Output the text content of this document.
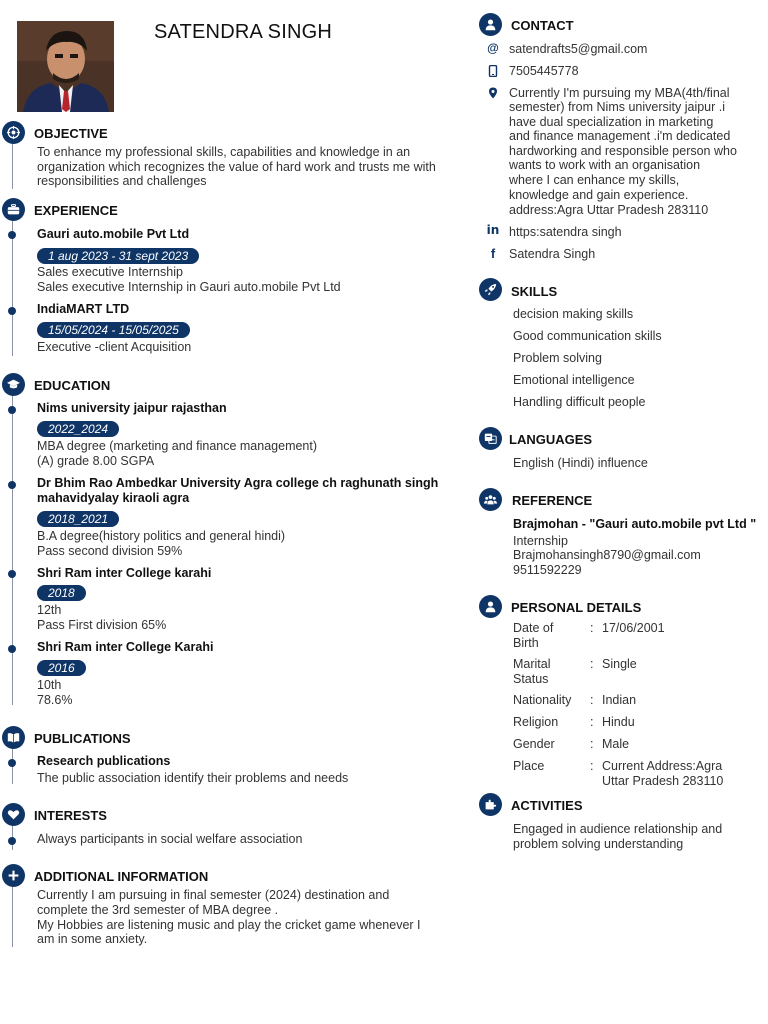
SATENDRA SINGH
OBJECTIVE
To enhance my professional skills, capabilities and knowledge in an organization which recognizes the value of hard work and trusts me with responsibilities and challenges
EXPERIENCE
Gauri auto.mobile Pvt Ltd
1 aug 2023 - 31 sept 2023
Sales executive Internship
Sales executive Internship in Gauri auto.mobile Pvt Ltd
IndiaMART LTD
15/05/2024 - 15/05/2025
Executive -client Acquisition
EDUCATION
Nims university jaipur rajasthan
2022_2024
MBA degree (marketing and finance management)
(A) grade 8.00 SGPA
Dr Bhim Rao Ambedkar University Agra college ch raghunath singh
mahavidyalay kiraoli agra
2018_2021
B.A degree(history politics and general hindi)
Pass second division 59%
Shri Ram inter College karahi
2018
12th
Pass First division 65%
Shri Ram inter College Karahi
2016
10th
78.6%
PUBLICATIONS
Research publications
The public association identify their problems and needs
INTERESTS
Always participants in social welfare association
ADDITIONAL INFORMATION
Currently I am pursuing in final semester (2024) destination and
complete the 3rd semester of MBA degree .
My Hobbies are listening music and play the cricket game whenever I
am in some anxiety.
CONTACT
@ satendrafts5@gmail.com
7505445778
Currently I'm pursuing my MBA(4th/final
semester) from Nims university jaipur .i
have dual specialization in marketing
and finance management .i'm dedicated
hardworking and responsible person who
wants to work with an organisation
where I can enhance my skills,
knowledge and gain experience.
address:Agra Uttar Pradesh 283110
in https:satendra singh
f	Satendra Singh
SKILLS
decision making skills
Good communication skills
Problem solving
Emotional intelligence
Handling difficult people
LANGUAGES
English (Hindi) influence
REFERENCE
Brajmohan - "Gauri auto.mobile pvt Ltd "
Internship
Brajmohansingh8790@gmail.com
9511592229
PERSONAL DETAILS
Date of
Birth
: 17/06/2001
Marital
Status
: Single
Nationality	: Indian
Religion	: Hindu
Gender	: Male
Place	: Current Address:Agra
Uttar Pradesh 283110
ACTIVITIES
Engaged in audience relationship and
problem solving understanding
